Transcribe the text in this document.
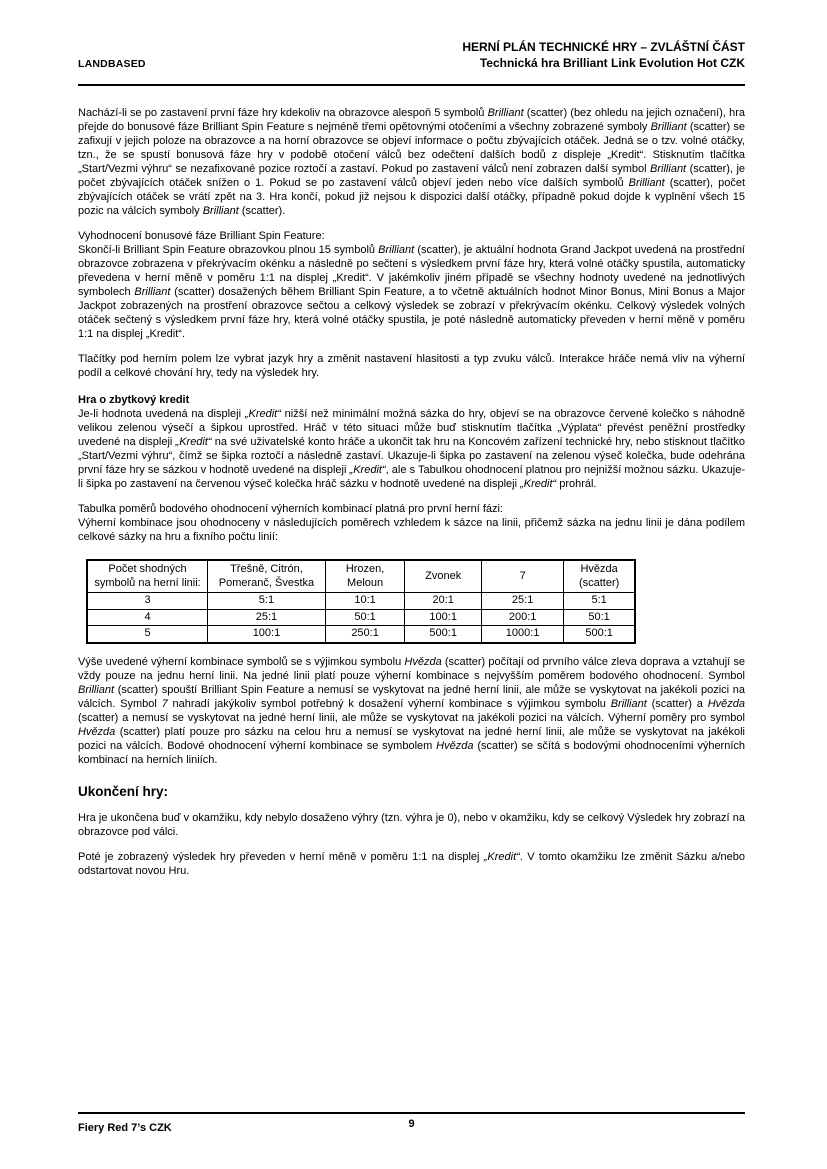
LANDBASED
HERNÍ PLÁN TECHNICKÉ HRY – ZVLÁŠTNÍ ČÁST
Technická hra Brilliant Link Evolution Hot CZK

Nachází-li se po zastavení první fáze hry kdekoliv na obrazovce alespoň 5 symbolů Brilliant (scatter) (bez ohledu na jejich označení), hra přejde do bonusové fáze Brilliant Spin Feature s nejméně třemi opětovnými otočeními a všechny zobrazené symboly Brilliant (scatter) se zafixují v jejich poloze na obrazovce a na horní obrazovce se objeví informace o počtu zbývajících otáček. Jedná se o tzv. volné otáčky, tzn., že se spustí bonusová fáze hry v podobě otočení válců bez odečtení dalších bodů z displeje „Kredit“. Stisknutím tlačítka „Start/Vezmi výhru“ se nezafixované pozice roztočí a zastaví. Pokud po zastavení válců není zobrazen další symbol Brilliant (scatter), je počet zbývajících otáček snížen o 1. Pokud se po zastavení válců objeví jeden nebo více dalších symbolů Brilliant (scatter), počet zbývajících otáček se vrátí zpět na 3. Hra končí, pokud již nejsou k dispozici další otáčky, případně pokud dojde k vyplnění všech 15 pozic na válcích symboly Brilliant (scatter).

Vyhodnocení bonusové fáze Brilliant Spin Feature:
Skončí-li Brilliant Spin Feature obrazovkou plnou 15 symbolů Brilliant (scatter), je aktuální hodnota Grand Jackpot uvedená na prostřední obrazovce zobrazena v překrývacím okénku a následně po sečtení s výsledkem první fáze hry, která volné otáčky spustila, automaticky převedena v herní měně v poměru 1:1 na displej „Kredit“. V jakémkoliv jiném případě se všechny hodnoty uvedené na jednotlivých symbolech Brilliant (scatter) dosažených během Brilliant Spin Feature, a to včetně aktuálních hodnot Minor Bonus, Mini Bonus a Major Jackpot zobrazených na prostření obrazovce sečtou a celkový výsledek se zobrazí v překrývacím okénku. Celkový výsledek volných otáček sečtený s výsledkem první fáze hry, která volné otáčky spustila, je poté následně automaticky převeden v herní měně v poměru 1:1 na displej „Kredit“.

Tlačítky pod herním polem lze vybrat jazyk hry a změnit nastavení hlasitosti a typ zvuku válců. Interakce hráče nemá vliv na výherní podíl a celkové chování hry, tedy na výsledek hry.

Hra o zbytkový kredit

Je-li hodnota uvedená na displeji „Kredit“ nižší než minimální možná sázka do hry, objeví se na obrazovce červené kolečko s náhodně velikou zelenou výsečí a šipkou uprostřed. Hráč v této situaci může buď stisknutím tlačítka „Výplata“ převést peněžní prostředky uvedené na displeji „Kredit“ na své uživatelské konto hráče a ukončit tak hru na Koncovém zařízení technické hry, nebo stisknout tlačítko „Start/Vezmi výhru“, čímž se šipka roztočí a následně zastaví. Ukazuje-li šipka po zastavení na zelenou výseč kolečka, bude odehrána první fáze hry se sázkou v hodnotě uvedené na displeji „Kredit“, ale s Tabulkou ohodnocení platnou pro nejnižší možnou sázku. Ukazuje-li šipka po zastavení na červenou výseč kolečka hráč sázku v hodnotě uvedené na displeji „Kredit“ prohrál.

Tabulka poměrů bodového ohodnocení výherních kombinací platná pro první herní fázi:
Výherní kombinace jsou ohodnoceny v následujících poměrech vzhledem k sázce na linii, přičemž sázka na jednu linii je dána podílem celkové sázky na hru a fixního počtu linií:
Počet shodných symbolů na herní linii:	Třešně, Citrón, Pomeranč, Švestka	Hrozen, Meloun	Zvonek	7	Hvězda (scatter)
3	5:1	10:1	20:1	25:1	5:1
4	25:1	50:1	100:1	200:1	50:1
5	100:1	250:1	500:1	1000:1	500:1

Výše uvedené výherní kombinace symbolů se s výjimkou symbolu Hvězda (scatter) počítají od prvního válce zleva doprava a vztahují se vždy pouze na jednu herní linii. Na jedné linii platí pouze výherní kombinace s nejvyšším poměrem bodového ohodnocení. Symbol Brilliant (scatter) spouští Brilliant Spin Feature a nemusí se vyskytovat na jedné herní linii, ale může se vyskytovat na jakékoli pozici na válcích. Symbol 7 nahradí jakýkoliv symbol potřebný k dosažení výherní kombinace s výjimkou symbolu Brilliant (scatter) a Hvězda (scatter) a nemusí se vyskytovat na jedné herní linii, ale může se vyskytovat na jakékoli pozici na válcích. Výherní poměry pro symbol Hvězda (scatter) platí pouze pro sázku na celou hru a nemusí se vyskytovat na jedné herní linii, ale může se vyskytovat na jakékoli pozici na válcích. Bodové ohodnocení výherní kombinace se symbolem Hvězda (scatter) se sčítá s bodovými ohodnoceními výherních kombinací na herních liniích.

Ukončení hry:

Hra je ukončena buď v okamžiku, kdy nebylo dosaženo výhry (tzn. výhra je 0), nebo v okamžiku, kdy se celkový Výsledek hry zobrazí na obrazovce pod válci.

Poté je zobrazený výsledek hry převeden v herní měně v poměru 1:1 na displej „Kredit“. V tomto okamžiku lze změnit Sázku a/nebo odstartovat novou Hru.

Fiery Red 7’s CZK	9
